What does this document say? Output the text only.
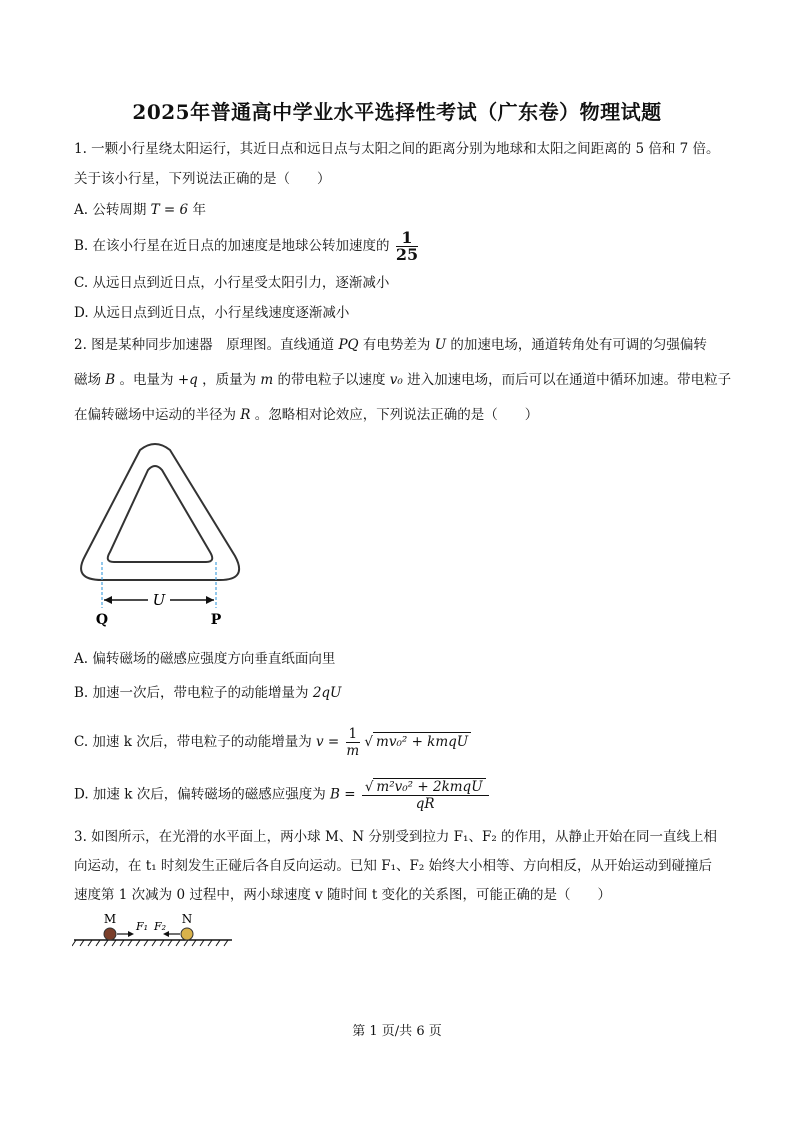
2025年普通高中学业水平选择性考试（广东卷）物理试题
1. 一颗小行星绕太阳运行，其近日点和远日点与太阳之间的距离分别为地球和太阳之间距离的 5 倍和 7 倍。
关于该小行星，下列说法正确的是（　　）
A. 公转周期 T = 6 年
B. 在该小行星在近日点的加速度是地球公转加速度的 $\frac{1}{25}$
C. 从远日点到近日点，小行星受太阳引力，逐渐减小
D. 从远日点到近日点，小行星线速度逐渐减小
2. 图是某种同步加速器　原理图。直线通道 PQ 有电势差为 U 的加速电场，通道转角处有可调的匀强偏转
磁场 B 。电量为 +q ，质量为 m 的带电粒子以速度 v₀ 进入加速电场，而后可以在通道中循环加速。带电粒子
在偏转磁场中运动的半径为 R 。忽略相对论效应，下列说法正确的是（　　）
U
Q	P
A. 偏转磁场的磁感应强度方向垂直纸面向里
B. 加速一次后，带电粒子的动能增量为 2qU
C. 加速 k 次后，带电粒子的动能增量为 $v = \frac{1}{m}$ √ mv₀² + kmqU
D. 加速 k 次后，偏转磁场的磁感应强度为 $B = \frac{\text{√ m²v₀² + 2kmqU}}{qR}$
3. 如图所示，在光滑的水平面上，两小球 M、N 分别受到拉力 F₁、F₂ 的作用，从静止开始在同一直线上相
向运动，在 t₁ 时刻发生正碰后各自反向运动。已知 F₁、F₂ 始终大小相等、方向相反，从开始运动到碰撞后
速度第 1 次减为 0 过程中，两小球速度 v 随时间 t 变化的关系图，可能正确的是（　　）
M	N
F₁ F₂
第 1 页/共 6 页
